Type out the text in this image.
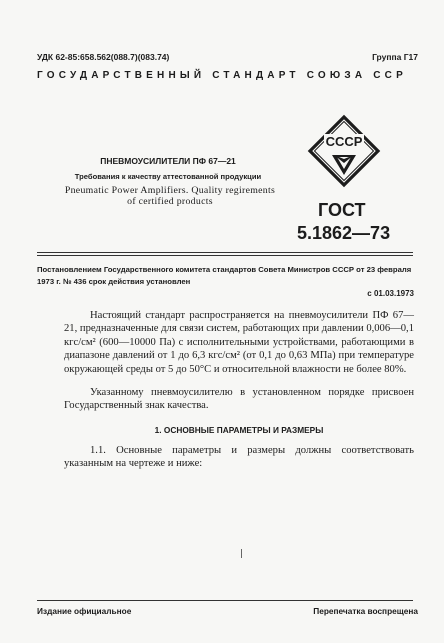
УДК 62-85:658.562(088.7)(083.74)	Группа Г17
ГОСУДАРСТВЕННЫЙ СТАНДАРТ СОЮЗА ССР
ПНЕВМОУСИЛИТЕЛИ ПФ 67—21
Требования к качеству аттестованной продукции
Pneumatic Power Amplifiers. Quality regirements
of certified products
СССР
ГОСТ
5.1862—73
Постановлением Государственного комитета стандартов Совета Министров СССР от 23 февраля 1973 г. № 436 срок действия установлен
с 01.03.1973
Настоящий стандарт распространяется на пневмоусилители ПФ 67—21, предназначенные для связи систем, работающих при давлении 0,006—0,1 кгс/см² (600—10000 Па) с исполнительными устройствами, работающими в диапазоне давлений от 1 до 6,3 кгс/см² (от 0,1 до 0,63 МПа) при температуре окружающей среды от 5 до 50°C и относительной влажности не более 80%.
Указанному пневмоусилителю в установленном порядке присвоен Государственный знак качества.
1. ОСНОВНЫЕ ПАРАМЕТРЫ И РАЗМЕРЫ
1.1. Основные параметры и размеры должны соответствовать указанным на чертеже и ниже:
Издание официальное	Перепечатка воспрещена
